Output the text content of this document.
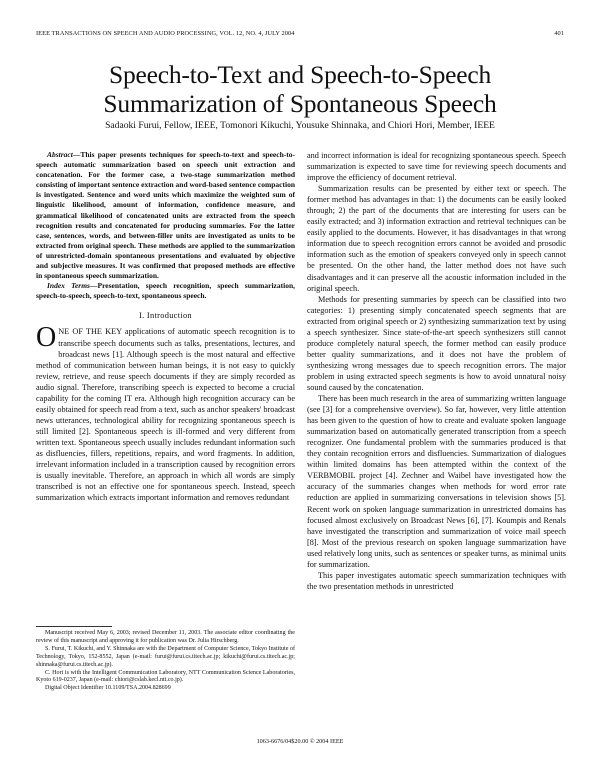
IEEE TRANSACTIONS ON SPEECH AND AUDIO PROCESSING, VOL. 12, NO. 4, JULY 2004	401
Speech-to-Text and Speech-to-Speech Summarization of Spontaneous Speech
Sadaoki Furui, Fellow, IEEE, Tomonori Kikuchi, Yousuke Shinnaka, and Chiori Hori, Member, IEEE

Abstract—This paper presents techniques for speech-to-text and speech-to-speech automatic summarization based on speech unit extraction and concatenation. For the former case, a two-stage summarization method consisting of important sentence extraction and word-based sentence compaction is investigated. Sentence and word units which maximize the weighted sum of linguistic likelihood, amount of information, confidence measure, and grammatical likelihood of concatenated units are extracted from the speech recognition results and concatenated for producing summaries. For the latter case, sentences, words, and between-filler units are investigated as units to be extracted from original speech. These methods are applied to the summarization of unrestricted-domain spontaneous presentations and evaluated by objective and subjective measures. It was confirmed that proposed methods are effective in spontaneous speech summarization.

Index Terms—Presentation, speech recognition, speech summarization, speech-to-speech, speech-to-text, spontaneous speech.

I. Introduction

ONE OF THE KEY applications of automatic speech recognition is to transcribe speech documents such as talks, presentations, lectures, and broadcast news [1]. Although speech is the most natural and effective method of communication between human beings, it is not easy to quickly review, retrieve, and reuse speech documents if they are simply recorded as audio signal. Therefore, transcribing speech is expected to become a crucial capability for the coming IT era. Although high recognition accuracy can be easily obtained for speech read from a text, such as anchor speakers' broadcast news utterances, technological ability for recognizing spontaneous speech is still limited [2]. Spontaneous speech is ill-formed and very different from written text. Spontaneous speech usually includes redundant information such as disfluencies, fillers, repetitions, repairs, and word fragments. In addition, irrelevant information included in a transcription caused by recognition errors is usually inevitable. Therefore, an approach in which all words are simply transcribed is not an effective one for spontaneous speech. Instead, speech summarization which extracts important information and removes redundant

Manuscript received May 6, 2003; revised December 11, 2003. The associate editor coordinating the review of this manuscript and approving it for publication was Dr. Julia Hirschberg.

S. Furui, T. Kikuchi, and Y. Shinnaka are with the Department of Computer Science, Tokyo Institute of Technology, Tokyo, 152-8552, Japan (e-mail: furui@furui.cs.titech.ac.jp; kikuchi@furui.cs.titech.ac.jp; shinnaka@furui.cs.titech.ac.jp).

C. Hori is with the Intelligent Communication Laboratory, NTT Communication Science Laboratories, Kyoto 619-0237, Japan (e-mail: chiori@cslab.kecl.ntt.co.jp).

Digital Object Identifier 10.1109/TSA.2004.828699

and incorrect information is ideal for recognizing spontaneous speech. Speech summarization is expected to save time for reviewing speech documents and improve the efficiency of document retrieval.

Summarization results can be presented by either text or speech. The former method has advantages in that: 1) the documents can be easily looked through; 2) the part of the documents that are interesting for users can be easily extracted; and 3) information extraction and retrieval techniques can be easily applied to the documents. However, it has disadvantages in that wrong information due to speech recognition errors cannot be avoided and prosodic information such as the emotion of speakers conveyed only in speech cannot be presented. On the other hand, the latter method does not have such disadvantages and it can preserve all the acoustic information included in the original speech.

Methods for presenting summaries by speech can be classified into two categories: 1) presenting simply concatenated speech segments that are extracted from original speech or 2) synthesizing summarization text by using a speech synthesizer. Since state-of-the-art speech synthesizers still cannot produce completely natural speech, the former method can easily produce better quality summarizations, and it does not have the problem of synthesizing wrong messages due to speech recognition errors. The major problem in using extracted speech segments is how to avoid unnatural noisy sound caused by the concatenation.

There has been much research in the area of summarizing written language (see [3] for a comprehensive overview). So far, however, very little attention has been given to the question of how to create and evaluate spoken language summarization based on automatically generated transcription from a speech recognizer. One fundamental problem with the summaries produced is that they contain recognition errors and disfluencies. Summarization of dialogues within limited domains has been attempted within the context of the VERBMOBIL project [4]. Zechner and Waibel have investigated how the accuracy of the summaries changes when methods for word error rate reduction are applied in summarizing conversations in television shows [5]. Recent work on spoken language summarization in unrestricted domains has focused almost exclusively on Broadcast News [6], [7]. Koumpis and Renals have investigated the transcription and summarization of voice mail speech [8]. Most of the previous research on spoken language summarization have used relatively long units, such as sentences or speaker turns, as minimal units for summarization.

This paper investigates automatic speech summarization techniques with the two presentation methods in unrestricted

1063-6676/04$20.00 © 2004 IEEE
